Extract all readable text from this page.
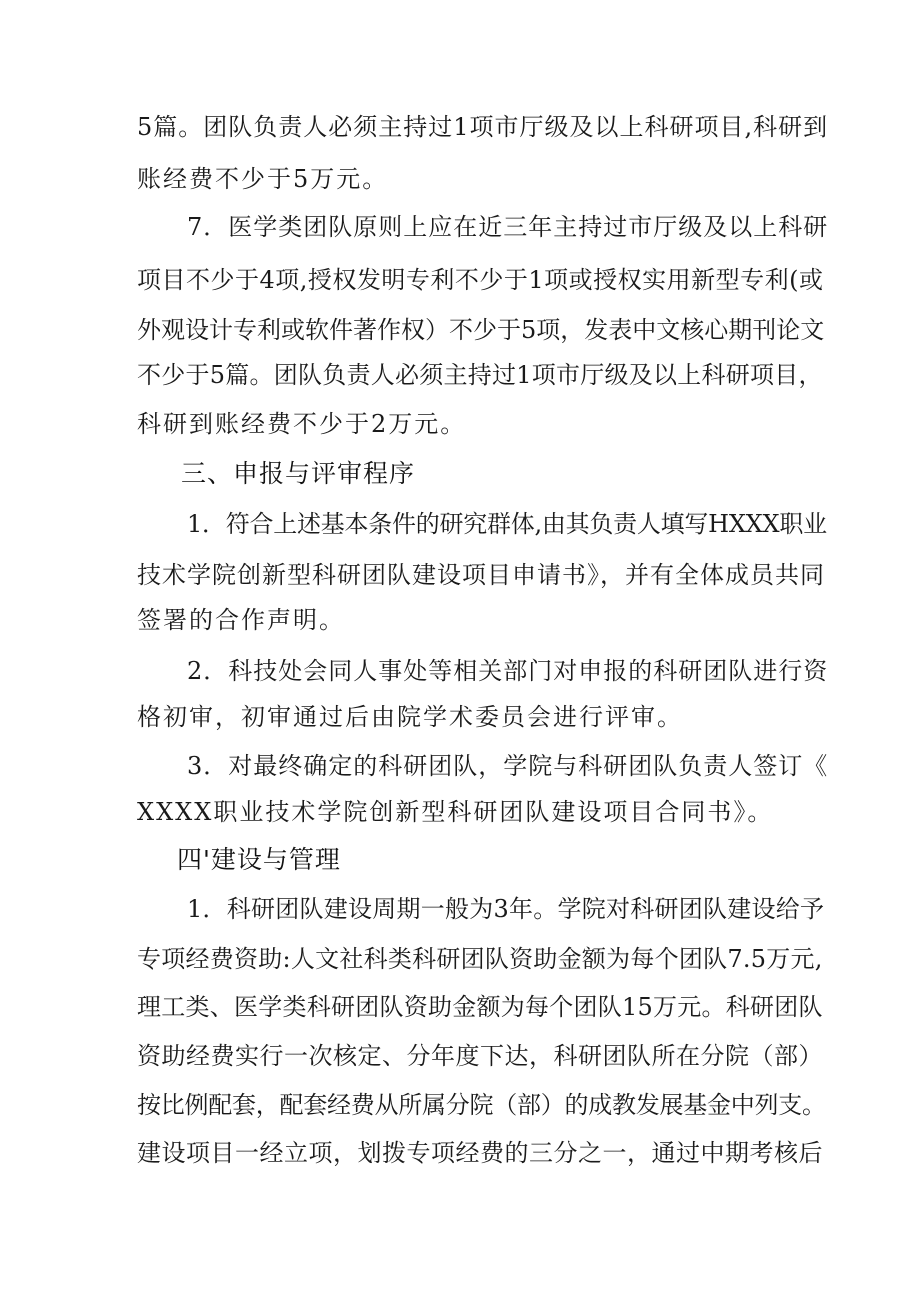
5篇。团队负责人必须主持过1项市厅级及以上科研项目,科研到
账经费不少于5万元。
7．医学类团队原则上应在近三年主持过市厅级及以上科研
项目不少于4项,授权发明专利不少于1项或授权实用新型专利(或
外观设计专利或软件著作权）不少于5项，发表中文核心期刊论文
不少于5篇。团队负责人必须主持过1项市厅级及以上科研项目，
科研到账经费不少于2万元。
三、申报与评审程序
1．符合上述基本条件的研究群体,由其负责人填写HXXX职业
技术学院创新型科研团队建设项目申请书》，并有全体成员共同
签署的合作声明。
2．科技处会同人事处等相关部门对申报的科研团队进行资
格初审，初审通过后由院学术委员会进行评审。
3．对最终确定的科研团队，学院与科研团队负责人签订《
XXXX职业技术学院创新型科研团队建设项目合同书》。
四'建设与管理
1．科研团队建设周期一般为3年。学院对科研团队建设给予
专项经费资助:人文社科类科研团队资助金额为每个团队7.5万元,
理工类、医学类科研团队资助金额为每个团队15万元。科研团队
资助经费实行一次核定、分年度下达，科研团队所在分院（部）
按比例配套，配套经费从所属分院（部）的成教发展基金中列支。
建设项目一经立项，划拨专项经费的三分之一，通过中期考核后
